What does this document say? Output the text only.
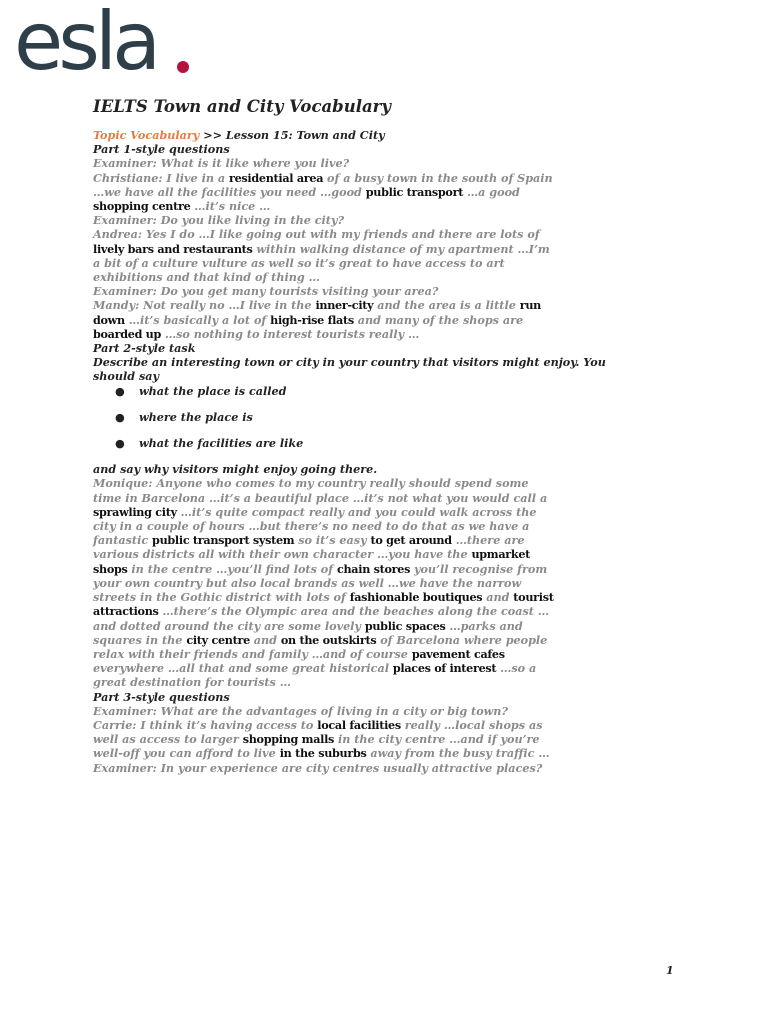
esla
IELTS Town and City Vocabulary

Topic Vocabulary >> Lesson 15: Town and City

Part 1-style questions

Examiner: What is it like where you live?

Christiane: I live in a residential area of a busy town in the south of Spain …we have all the facilities you need …good public transport …a good shopping centre …it’s nice …

Examiner: Do you like living in the city?

Andrea: Yes I do …I like going out with my friends and there are lots of lively bars and restaurants within walking distance of my apartment …I’m a bit of a culture vulture as well so it’s great to have access to art exhibitions and that kind of thing …

Examiner: Do you get many tourists visiting your area?

Mandy: Not really no …I live in the inner-city and the area is a little run down …it’s basically a lot of high-rise flats and many of the shops are boarded up …so nothing to interest tourists really …

Part 2-style task

Describe an interesting town or city in your country that visitors might enjoy. You should say

● what the place is called
● where the place is
● what the facilities are like

and say why visitors might enjoy going there.

Monique: Anyone who comes to my country really should spend some time in Barcelona …it’s a beautiful place …it’s not what you would call a sprawling city …it’s quite compact really and you could walk across the city in a couple of hours …but there’s no need to do that as we have a fantastic public transport system so it’s easy to get around …there are various districts all with their own character …you have the upmarket shops in the centre …you’ll find lots of chain stores you’ll recognise from your own country but also local brands as well …we have the narrow streets in the Gothic district with lots of fashionable boutiques and tourist attractions …there’s the Olympic area and the beaches along the coast …and dotted around the city are some lovely public spaces …parks and squares in the city centre and on the outskirts of Barcelona where people relax with their friends and family …and of course pavement cafes everywhere …all that and some great historical places of interest …so a great destination for tourists …

Part 3-style questions

Examiner: What are the advantages of living in a city or big town?

Carrie: I think it’s having access to local facilities really …local shops as well as access to larger shopping malls in the city centre …and if you’re well-off you can afford to live in the suburbs away from the busy traffic …

Examiner: In your experience are city centres usually attractive places?

1
